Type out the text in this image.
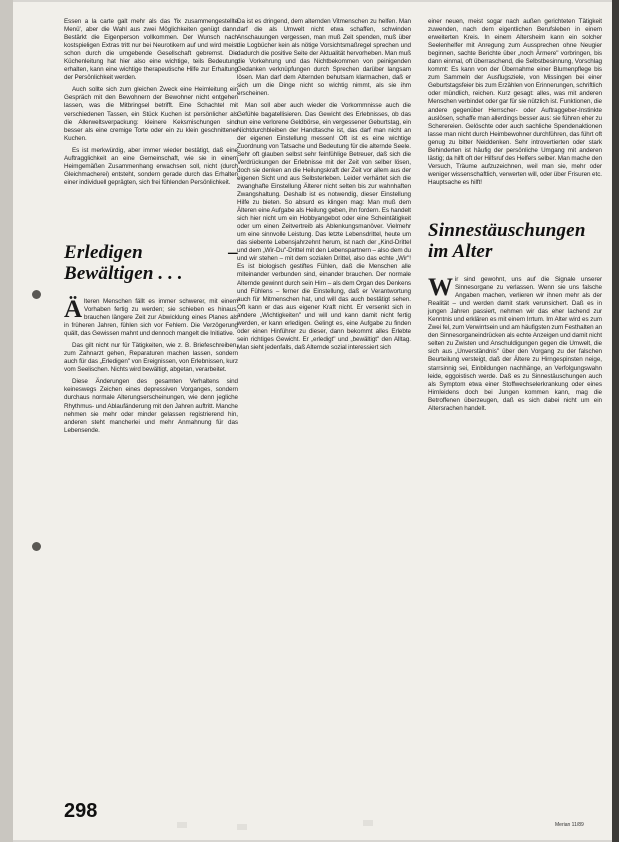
Essen a la carte galt mehr als das 'fix zusammengestellte Menü', aber die Wahl aus zwei Möglichkeiten genügt dann. Bestärkt die Eigenperson vollkommen. Der Wunsch nach kostspieligen Extras tritt nur bei Neurotikern auf und wird meist schon durch die umgebende Gesellschaft gebremst. Die Küchenleitung hat hier also eine wichtige, teils Bedeutung erhalten, kann eine wichtige therapeutische Hilfe zur Erhaltung der Persönlichkeit werden.

Auch sollte sich zum gleichen Zweck eine Heimleitung ein Gespräch mit den Bewohnern der Bewohner nicht entgehen lassen, was die Mitbringsel betrifft. Eine Schachtel mit verschiedenen Tassen, ein Stück Kuchen ist persönlicher als die Allerweltsverpackung: kleinere Keksmischungen sind besser als eine cremige Torte oder ein zu klein geschnittener Kuchen.

Es ist merkwürdig, aber immer wieder bestätigt, daß eine Auftragglichkeit an eine Gemeinschaft, wie sie in einem Heimgemäßen Zusammenhang erwachsen soll, nicht (durch Gleichmacherei) entsteht, sondern gerade durch das Erhalten einer individuell geprägten, sich frei fühlenden Persönlichkeit.

Erledigen – Bewältigen . . .

Älteren Menschen fällt es immer schwerer, mit einem Vorhaben fertig zu werden; sie schieben es hinaus, brauchen längere Zeit zur Abwicklung eines Planes als in früheren Jahren, fühlen sich vor Fehlern. Die Verzögerung quält, das Gewissen mahnt und dennoch mangelt die Initiative.

Das gilt nicht nur für Tätigkeiten, wie z. B. Briefeschreiben, zum Zahnarzt gehen, Reparaturen machen lassen, sondern auch für das „Erledigen" von Ereignissen, von Erlebnissen, kurz vom Seelischen. Nichts wird bewältigt, abgetan, verarbeitet.

Diese Änderungen des gesamten Verhaltens sind keineswegs Zeichen eines depressiven Vorganges, sondern durchaus normale Alterungserscheinungen, wie denn jegliche Rhythmus- und Ablaufänderung mit den Jahren auftritt. Manche nehmen sie mehr oder minder gelassen registrierend hin, anderen steht mancherlei und mehr Anmahnung für das Lebensende.

Da ist es dringend, dem alternden Vitmenschen zu helfen. Man darf die als Umwelt nicht etwa schaffen, schwinden Anschauungen vergessen, man muß Zeit spenden, muß über die Logbücher kein als nötige Vorsichtsmaßregel sprechen und dadurch die positive Seite der Aktualität hervorheben. Man muß die Vorkehrung und das Nichtbekommen von peinigenden Gedanken verknüpfungen durch Sprechen darüber langsam lösen. Man darf dem Alternden behutsam klarmachen, daß er sich um die Dinge nicht so wichtig nimmt, als sie ihm erscheinen.

Man soll aber auch wieder die Vorkommnisse auch die Gefühle bagatellisieren. Das Gewicht des Erlebnisses, ob das nun eine verlorene Geldbörse, ein vergessener Geburtstag, ein Nichtdurchbleiben der Handtasche ist, das darf man nicht an der eigenen Einstellung messen! Oft ist es eine wichtige Zuordnung von Tatsache und Bedeutung für die alternde Seele. Sehr oft glauben selbst sehr feinfühlige Betreuer, daß sich die Verdrückungen der Erlebnisse mit der Zeit von selber lösen, doch sie denken an die Heilungskraft der Zeit vor allem aus der eigenen Sicht und aus Selbsterleben. Leider verhärtet sich die zwanghafte Einstellung Älterer nicht selten bis zur wahnhaften Zwangshaltung. Deshalb ist es notwendig, dieser Einstellung Hilfe zu bieten. So absurd es klingen mag: Man muß dem Älteren eine Aufgabe als Heilung geben, ihn fordern. Es handelt sich hier nicht um ein Hobbyangebot oder eine Scheintätigkeit oder um einen Zeitvertreib als Ablenkungsmanöver. Vielmehr um eine sinnvolle Leistung. Das letzte Lebensdrittel, heute um das siebente Lebensjahrzehnt herum, ist nach der „Kind-Drittel und dem „Wir-Du"-Drittel mit den Lebenspartnern – also dem du und wir stehen – mit dem sozialen Drittel, also das echte „Wir"! Es ist biologisch gestiftes Fühlen, daß die Menschen alle miteinander verbunden sind, einander brauchen. Der normale Alternde gewinnt durch sein Hirn – als dem Organ des Denkens und Fühlens – ferner die Einstellung, daß er Verantwortung auch für Mitmenschen hat, und will das auch bestätigt sehen. Oft kann er das aus eigener Kraft nicht. Er versenkt sich in andere „Wichtigkeiten" und will und kann damit nicht fertig werden, er kann erledigen. Gelingt es, eine Aufgabe zu finden oder einen Hinführer zu dieser, dann bekommt alles Erlebte sein richtiges Gewicht. Er „erledigt" und „bewältigt" den Alltag. Man sieht jedenfalls, daß Alternde sozial interessiert sich

einer neuen, meist sogar nach außen gerichteten Tätigkeit zuwenden, nach dem eigentlichen Berufsleben in einem erweiterten Kreis. In einem Altersheim kann ein solcher Seelenhelfer mit Anregung zum Aussprechen ohne Neugier beginnen, sachte Berichte über „noch Ärmere" vorbringen, bis dann einmal, oft überraschend, die Selbstbesinnung, Vorschlag kommt: Es kann von der Übernahme einer Blumenpflege bis zum Sammeln der Ausflugsziele, von Missingen bei einer Geburtstagsfeier bis zum Erzählen von Erinnerungen, schriftlich oder mündlich, reichen. Kurz gesagt: alles, was mit anderen Menschen verbindet oder gar für sie nützlich ist. Funktionen, die andere gegenüber Herrscher- oder Auftraggeber-Instinkte auslösen, schaffe man allerdings besser aus: sie führen eher zu Scherereien. Gelöschte oder auch sachliche Spendenaktionen lasse man nicht durch Heimbewohner durchführen, das führt oft genug zu bitter Neiddenken. Sehr introvertierten oder stark Behinderten ist häufig der persönliche Umgang mit anderen lästig; da hilft oft der Hilfsruf des Helfers selber. Man mache den Versuch, Träume aufzuzeichnen, weil man sie, mehr oder weniger wissenschaftlich, verwerten will, oder über Frisuren etc. Hauptsache es hilft!

Sinnestäuschungen im Alter

Wir sind gewohnt, uns auf die Signale unserer Sinnesorgane zu verlassen. Wenn sie uns falsche Angaben machen, verlieren wir ihnen mehr als der Realität – und werden damit stark verunsichert. Daß es in jungen Jahren passiert, nehmen wir das eher lachend zur Kenntnis und erklären es mit einem Irrtum. Im Alter wird es zum Zwei fel, zum Verwirrtsein und am häufigsten zum Festhalten an den Sinnesorganeindrücken als echte Anzeigen und damit nicht selten zu Zwisten und Anschuldigungen gegen die Umwelt, die sich aus „Unverständnis" über den Vorgang zu der falschen Beurteilung versteigt, daß der Ältere zu Hirngespinsten neige, starrsinnig sei, Einbildungen nachhänge, an Verfolgungswahn leide, eggoistisch werde. Daß es zu Sinnestäuschungen auch als Symptom etwa einer Stoffwechselerkrankung oder eines Hirnleidens doch bei Jungen kommen kann, mag die Betroffenen überzeugen, daß es sich dabei nicht um ein Altersrachen handelt.

298
Merian 11/89
